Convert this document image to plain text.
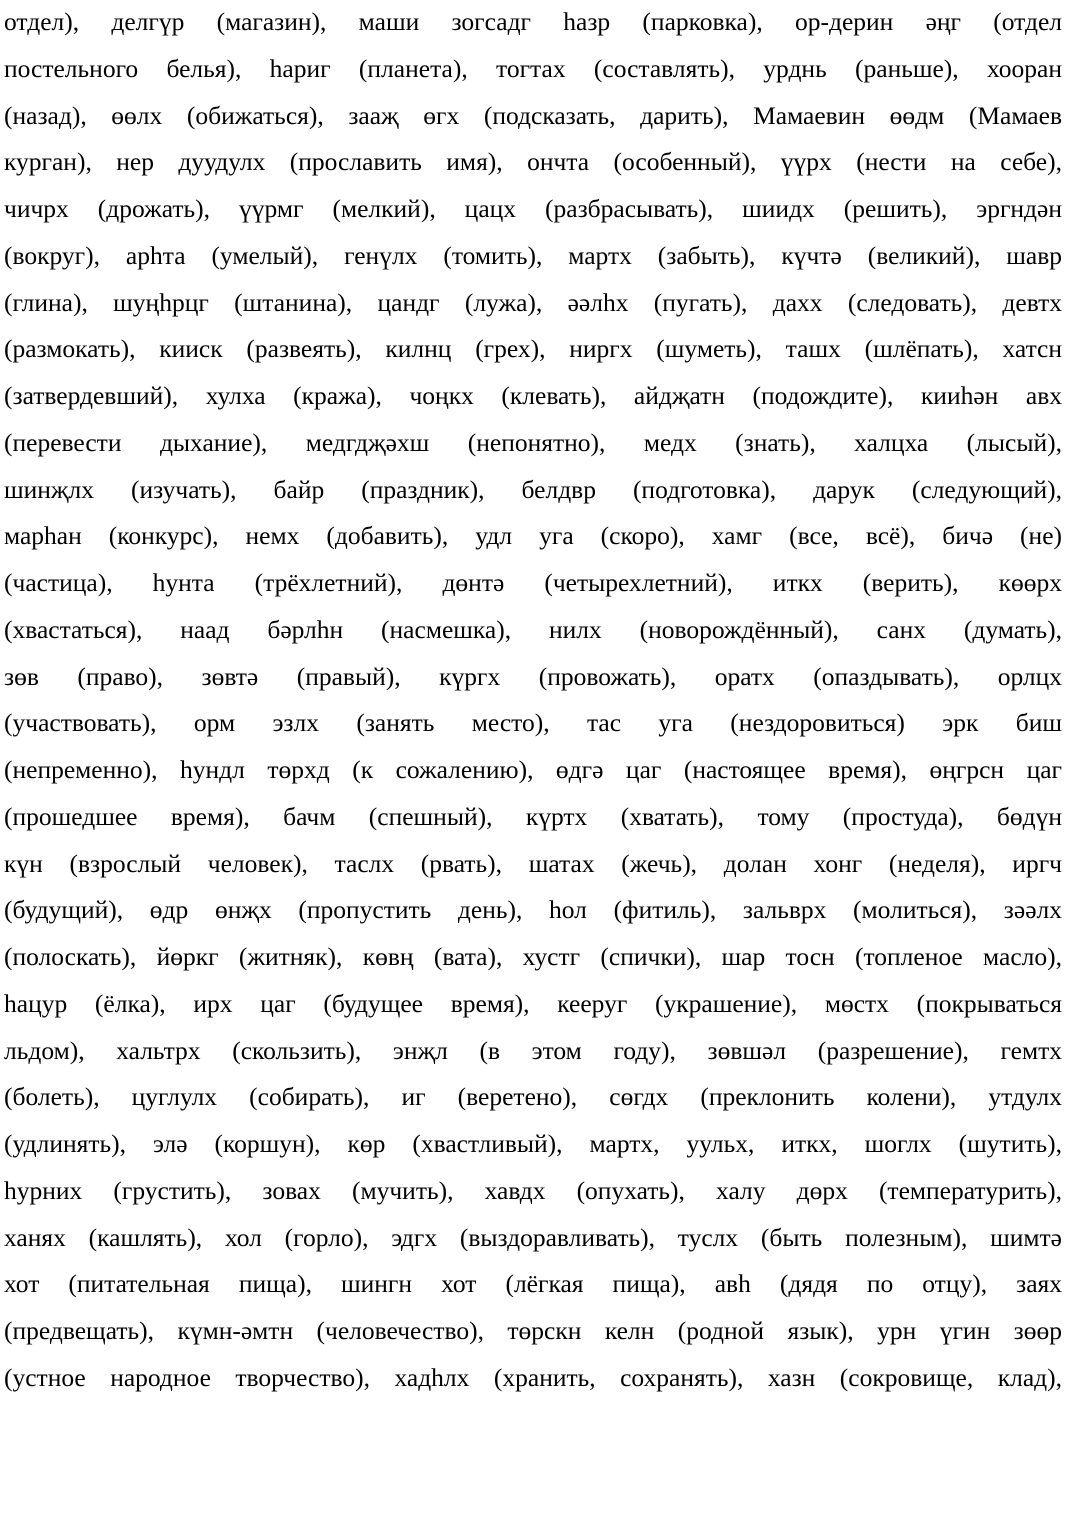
отдел), делгүр (магазин), маши зогсадг һазр (парковка), ор-дерин әңг (отдел
постельного белья), һариг (планета), тогтах (составлять), урднь (раньше), хооран
(назад), өөлх (обижаться), зааҗ өгх (подсказать, дарить), Мамаевин өөдм (Мамаев
курган), нер дуудулх (прославить имя), ончта (особенный), үүрх (нести на себе),
чичрх (дрожать), үүрмг (мелкий), цацх (разбрасывать), шиидх (решить), эргндән
(вокруг), арһта (умелый), генүлх (томить), мартх (забыть), күчтә (великий), шавр
(глина), шуңһрцг (штанина), цандг (лужа), әәлһх (пугать), дахх (следовать), девтх
(размокать), кииск (развеять), килнц (грех), ниргх (шуметь), ташх (шлёпать), хатсн
(затвердевший), хулха (кража), чоңкх (клевать), айдҗатн (подождите), кииһән авх
(перевести дыхание), медгдҗәхш (непонятно), медх (знать), халцха (лысый),
шинҗлх (изучать), байр (праздник), белдвр (подготовка), дарук (следующий),
марһан (конкурс), немх (добавить), удл уга (скоро), хамг (все, всё), бичә (не)
(частица), һунта (трёхлетний), дөнтә (четырехлетний), иткх (верить), көөрх
(хвастаться), наад бәрлһн (насмешка), нилх (новорождённый), санх (думать),
зөв (право), зөвтә (правый), күргх (провожать), оратх (опаздывать), орлцх
(участвовать), орм эзлх (занять место), тас уга (нездоровиться) эрк биш
(непременно), һундл төрхд (к сожалению), өдгә цаг (настоящее время), өңгрсн цаг
(прошедшее время), бачм (спешный), күртх (хватать), тому (простуда), бөдүн
күн (взрослый человек), таслх (рвать), шатах (жечь), долан хонг (неделя), иргч
(будущий), өдр өнҗх (пропустить день), һол (фитиль), зальврх (молиться), зәәлх
(полоскать), йөркг (житняк), көвң (вата), хустг (спички), шар тосн (топленое масло),
һацур (ёлка), ирх цаг (будущее время), кееруг (украшение), мөстх (покрываться
льдом), хальтрх (скользить), энҗл (в этом году), зөвшәл (разрешение), гемтх
(болеть), цуглулх (собирать), иг (веретено), сөгдх (преклонить колени), утдулх
(удлинять), элә (коршун), көр (хвастливый), мартх, уульх, иткх, шоглх (шутить),
һурних (грустить), зовах (мучить), хавдх (опухать), халу дөрх (температурить),
ханях (кашлять), хол (горло), эдгх (выздоравливать), туслх (быть полезным), шимтә
хот (питательная пища), шингн хот (лёгкая пища), авһ (дядя по отцу), заях
(предвещать), күмн-әмтн (человечество), төрскн келн (родной язык), урн үгин зөөр
(устное народное творчество), хадһлх (хранить, сохранять), хазн (сокровище, клад),
